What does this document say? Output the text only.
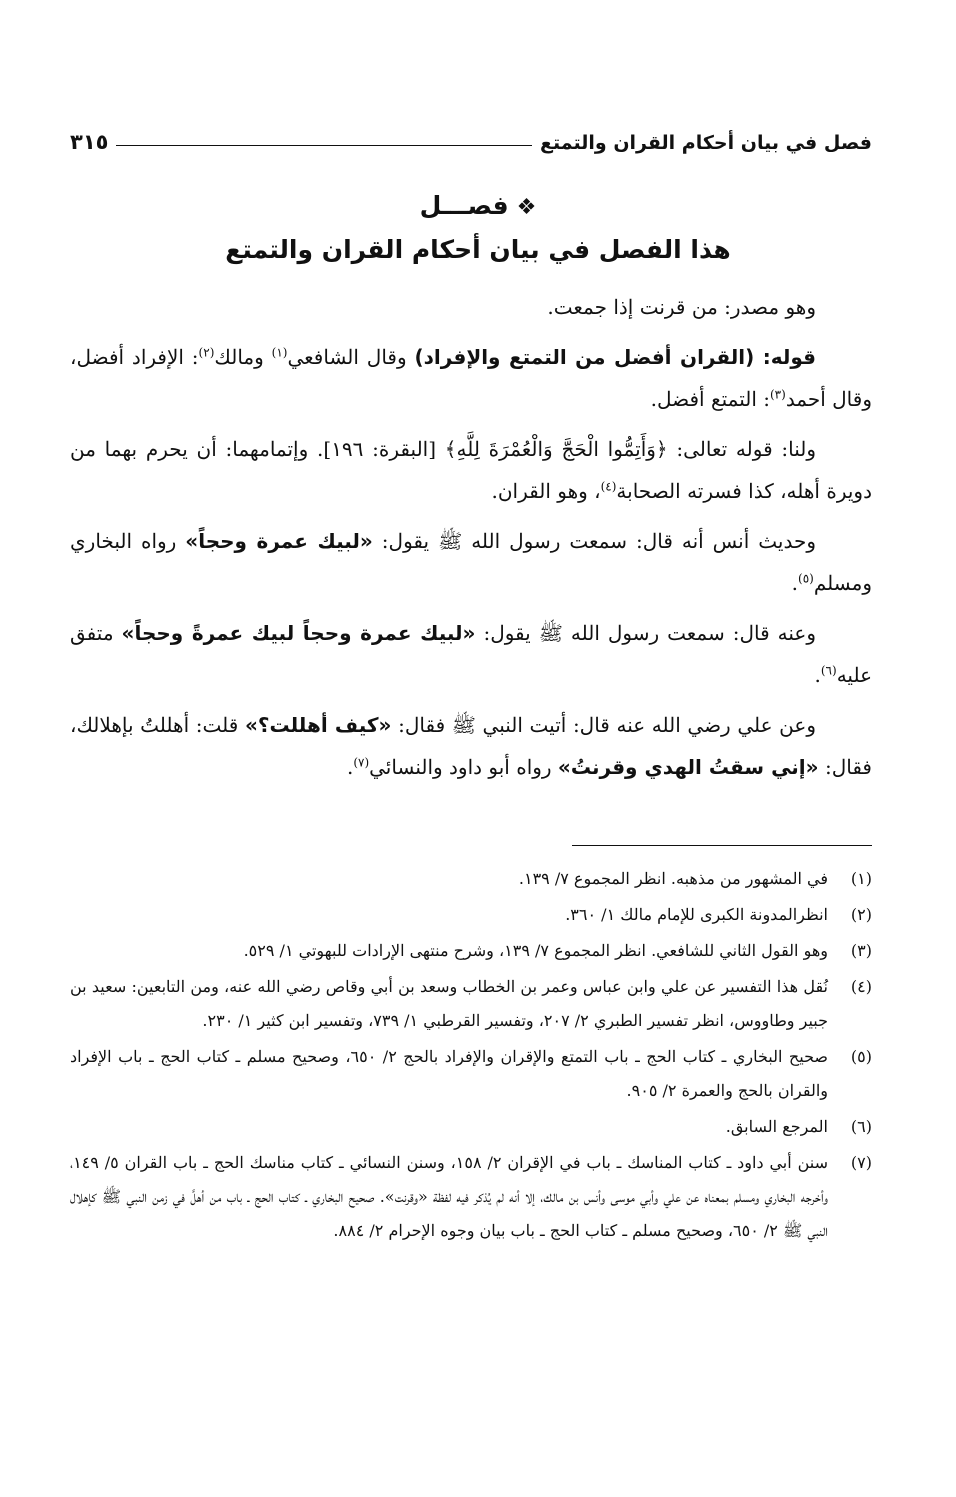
فصل في بيان أحكام القران والتمتع
٣١٥
❖فصـــل
هذا الفصل في بيان أحكام القران والتمتع

وهو مصدر: من قرنت إذا جمعت.

قوله: (القران أفضل من التمتع والإفراد) وقال الشافعي$^{(١)}$ ومالك$^{(٢)}$: الإفراد أفضل، وقال أحمد$^{(٣)}$: التمتع أفضل.

ولنا: قوله تعالى: ﴿وَأَتِمُّوا الْحَجَّ وَالْعُمْرَةَ لِلَّهِ﴾ [البقرة: ١٩٦]. وإتمامهما: أن يحرم بهما من دويرة أهله، كذا فسرته الصحابة$^{(٤)}$، وهو القران.

وحديث أنس أنه قال: سمعت رسول الله ﷺ يقول: «لبيك عمرة وحجاً» رواه البخاري ومسلم$^{(٥)}$.

وعنه قال: سمعت رسول الله ﷺ يقول: «لبيك عمرة وحجاً لبيك عمرةً وحجاً» متفق عليه$^{(٦)}$.

وعن علي رضي الله عنه قال: أتيت النبي ﷺ فقال: «كيف أهللت؟» قلت: أهللتُ بإهلالك، فقال: «إني سقتُ الهدي وقرنتُ» رواه أبو داود والنسائي$^{(٧)}$.

(١)
في المشهور من مذهبه. انظر المجموع ٧/ ١٣٩.
(٢)
انظرالمدونة الكبرى للإمام مالك ١/ ٣٦٠.
(٣)
وهو القول الثاني للشافعي. انظر المجموع ٧/ ١٣٩، وشرح منتهى الإرادات للبهوتي ١/ ٥٢٩.
(٤)
نُقل هذا التفسير عن علي وابن عباس وعمر بن الخطاب وسعد بن أبي وقاص رضي الله عنه، ومن التابعين: سعيد بن جبير وطاووس، انظر تفسير الطبري ٢/ ٢٠٧، وتفسير القرطبي ١/ ٧٣٩، وتفسير ابن كثير ١/ ٢٣٠.
(٥)
صحيح البخاري ـ كتاب الحج ـ باب التمتع والإقران والإفراد بالحج ٢/ ٦٥٠، وصحيح مسلم ـ كتاب الحج ـ باب الإفراد والقران بالحج والعمرة ٢/ ٩٠٥.
(٦)
المرجع السابق.
(٧)
سنن أبي داود ـ كتاب المناسك ـ باب في الإقران ٢/ ١٥٨، وسنن النسائي ـ كتاب مناسك الحج ـ باب القران ٥/ ١٤٩، وأخرجه البخاري ومسلم بمعناه عن علي وأبي موسى وأنس بن مالك، إلا أنه لم يُذكر فيه لفظة «وقرنت». صحيح البخاري ـ كتاب الحج ـ باب من أهلَّ في زمن النبي ﷺ كإهلال النبي ﷺ ٢/ ٦٥٠، وصحيح مسلم ـ كتاب الحج ـ باب بيان وجوه الإحرام ٢/ ٨٨٤.
